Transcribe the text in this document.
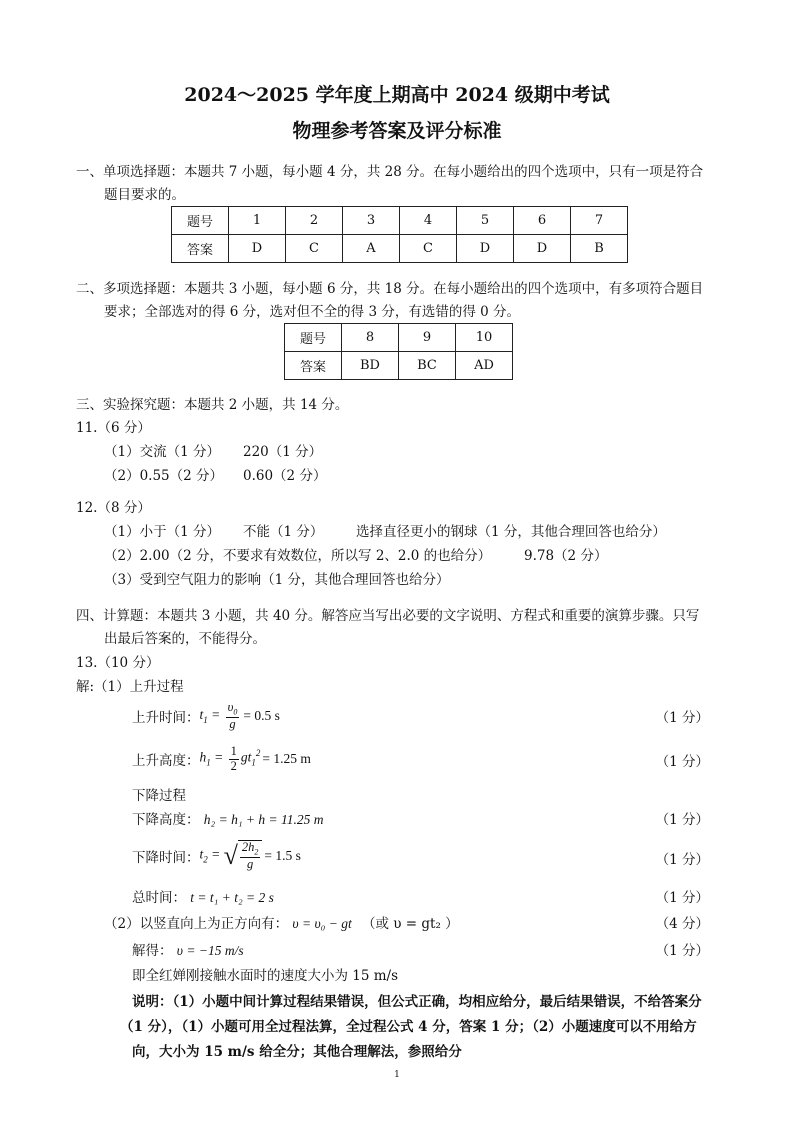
2024～2025 学年度上期高中 2024 级期中考试
物理参考答案及评分标准
一、单项选择题：本题共 7 小题，每小题 4 分，共 28 分。在每小题给出的四个选项中，只有一项是符合
题目要求的。
题号	1	2	3	4	5	6	7
答案	D	C	A	C	D	D	B
二、多项选择题：本题共 3 小题，每小题 6 分，共 18 分。在每小题给出的四个选项中，有多项符合题目
要求；全部选对的得 6 分，选对但不全的得 3 分，有选错的得 0 分。
题号	8	9	10
答案	BD	BC	AD
三、实验探究题：本题共 2 小题，共 14 分。
11.（6 分）
（1）交流（1 分） 220（1 分）
（2）0.55（2 分） 0.60（2 分）
12.（8 分）
（1）小于（1 分） 不能（1 分） 选择直径更小的钢球（1 分，其他合理回答也给分）
（2）2.00（2 分，不要求有效数位，所以写 2、2.0 的也给分） 9.78（2 分）
（3）受到空气阻力的影响（1 分，其他合理回答也给分）
四、计算题：本题共 3 小题，共 40 分。解答应当写出必要的文字说明、方程式和重要的演算步骤。只写
出最后答案的，不能得分。
13.（10 分）
解:（1）上升过程
上升时间： $t_1 = \frac{\upsilon_0}{g} = 0.5$ s	（1 分）
上升高度： $h_1 = \frac{1}{2} gt_1^2 = 1.25$ m	（1 分）
下降过程
下降高度： h₂ = h₁ + h = 11.25 m	（1 分）
下降时间： $t_2$ = √ $\frac{2h_2}{g} = 1.5$ s	（1 分）
总时间： t = t₁ + t₂ = 2 s	（1 分）
（2）以竖直向上为正方向有： υ = υ₀ − gt （或 υ = gt₂ ）	（4 分）
解得： υ = −15 m/s	（1 分）
即全红婵刚接触水面时的速度大小为 15 m/s
说明：（1）小题中间计算过程结果错误，但公式正确，均相应给分，最后结果错误，不给答案分
（1 分），（1）小题可用全过程法算，全过程公式 4 分，答案 1 分；（2）小题速度可以不用给方
向，大小为 15 m/s 给全分；其他合理解法，参照给分
1
